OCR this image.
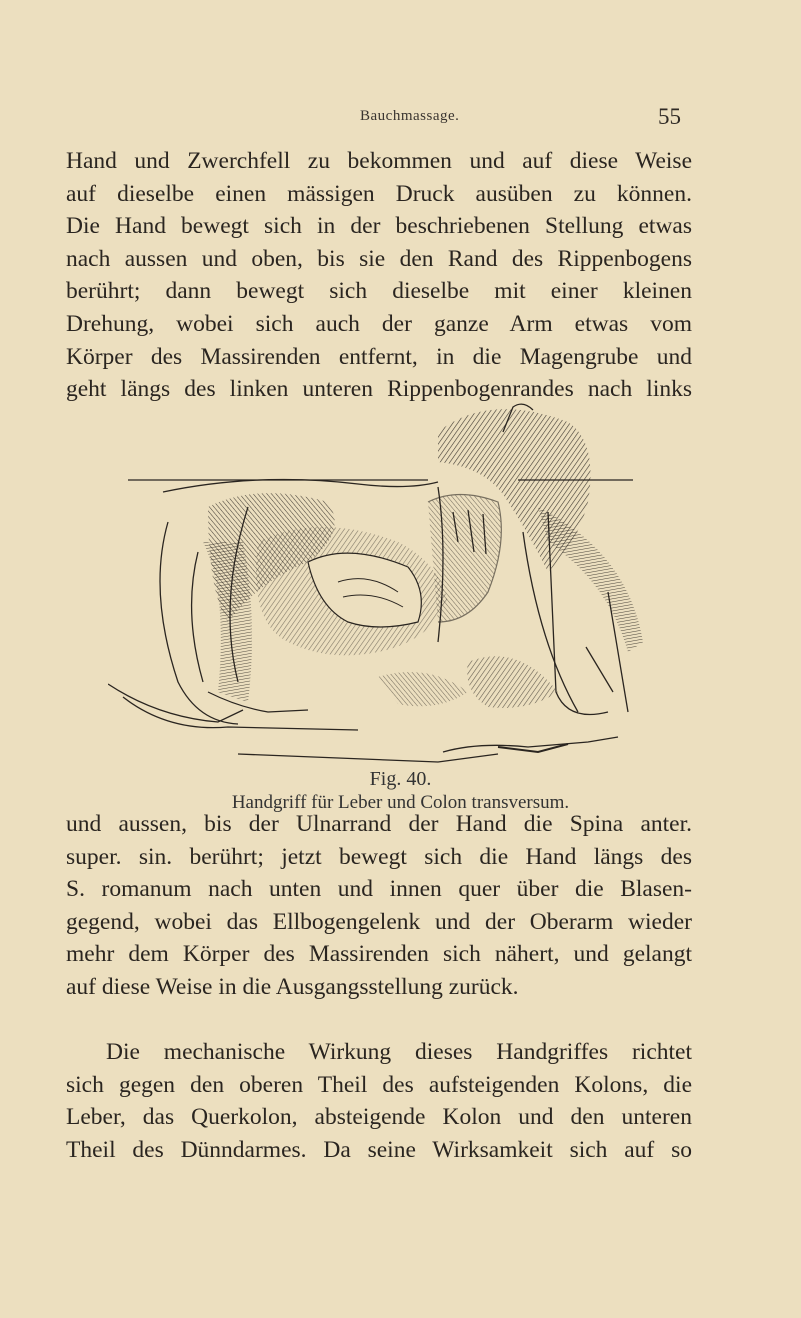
Bauchmassage.	55
Hand und Zwerchfell zu bekommen und auf diese Weise
auf dieselbe einen mässigen Druck ausüben zu können.
Die Hand bewegt sich in der beschriebenen Stellung etwas
nach aussen und oben, bis sie den Rand des Rippenbogens
berührt; dann bewegt sich dieselbe mit einer kleinen
Drehung, wobei sich auch der ganze Arm etwas vom
Körper des Massirenden entfernt, in die Magengrube und
geht längs des linken unteren Rippenbogenrandes nach links
Fig. 40.
Handgriff für Leber und Colon transversum.
und aussen, bis der Ulnarrand der Hand die Spina anter.
super. sin. berührt; jetzt bewegt sich die Hand längs des
S. romanum nach unten und innen quer über die Blasen-
gegend, wobei das Ellbogengelenk und der Oberarm wieder
mehr dem Körper des Massirenden sich nähert, und gelangt
auf diese Weise in die Ausgangsstellung zurück.
Die mechanische Wirkung dieses Handgriffes richtet
sich gegen den oberen Theil des aufsteigenden Kolons, die
Leber, das Querkolon, absteigende Kolon und den unteren
Theil des Dünndarmes. Da seine Wirksamkeit sich auf so
